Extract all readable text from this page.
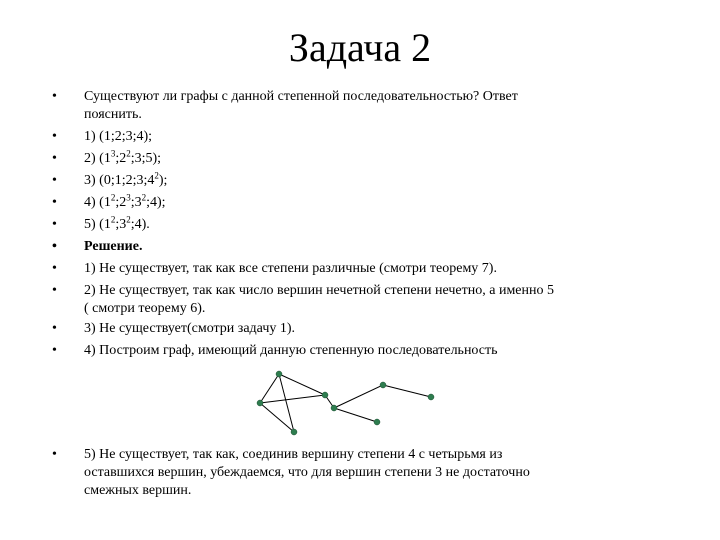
Задача 2
• Существуют ли графы с данной степенной последовательностью? Ответ
пояснить.
• 1) (1;2;3;4);
• 2) $(1^3;2^2;3;5)$;
• 3) $(0;1;2;3;4^2)$;
• 4) $(1^2;2^3;3^2;4)$;
• 5) $(1^2;3^2;4)$.
• Решение.
• 1) Не существует, так как все степени различные (смотри теорему 7).
• 2) Не существует, так как число вершин нечетной степени нечетно, а именно 5
( смотри теорему 6).
• 3) Не существует(смотри задачу 1).
• 4) Построим граф, имеющий данную степенную последовательность
• 5) Не существует, так как, соединив вершину степени 4 с четырьмя из
оставшихся вершин, убеждаемся, что для вершин степени 3 не достаточно
смежных вершин.
